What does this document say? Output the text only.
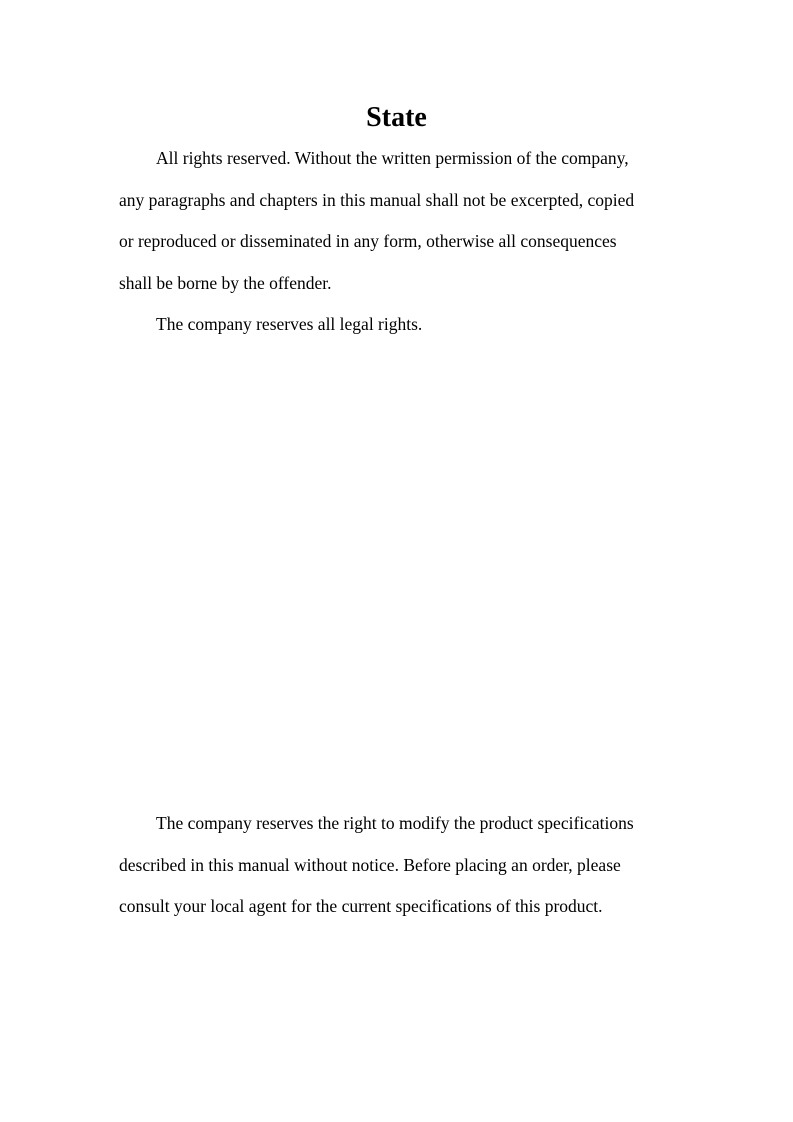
State

All rights reserved. Without the written permission of the company,
any paragraphs and chapters in this manual shall not be excerpted, copied
or reproduced or disseminated in any form, otherwise all consequences
shall be borne by the offender.

The company reserves all legal rights.

The company reserves the right to modify the product specifications
described in this manual without notice. Before placing an order, please
consult your local agent for the current specifications of this product.
